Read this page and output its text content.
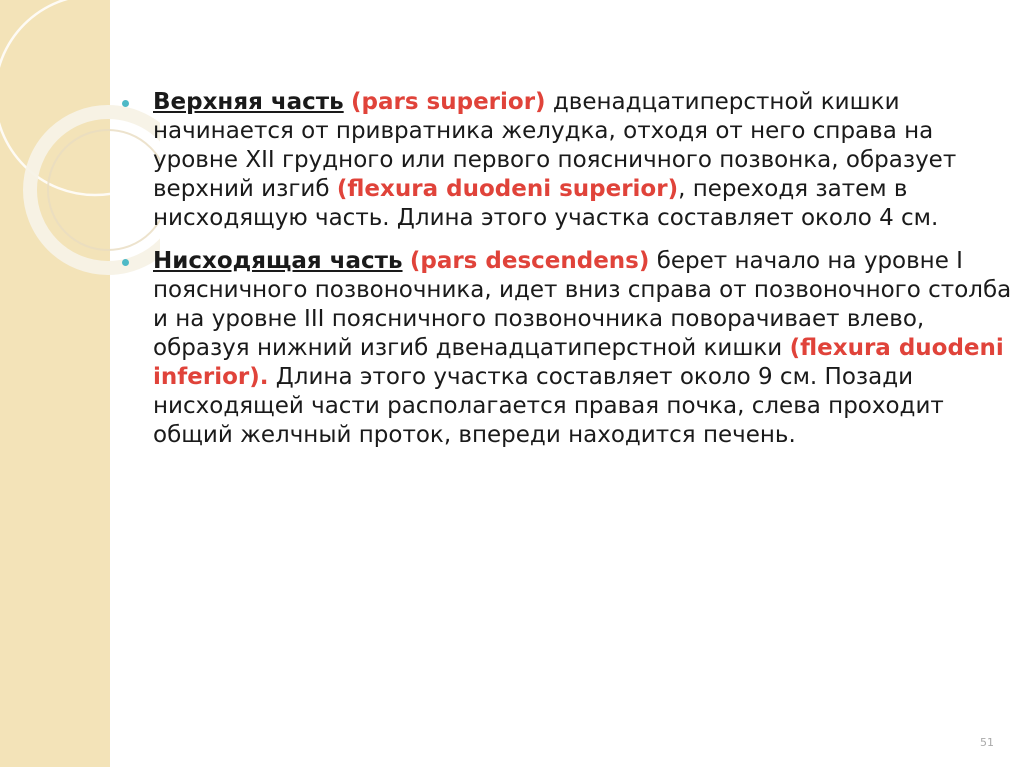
Верхняя часть (pars superior) двенадцатиперстной кишки начинается от привратника желудка, отходя от него справа на уровне XII грудного или первого поясничного позвонка, образует верхний изгиб (flexura duodeni superior), переходя затем в нисходящую часть. Длина этого участка составляет около 4 см.
Нисходящая часть (pars descendens) берет начало на уровне I поясничного позвоночника, идет вниз справа от позвоночного столба и на уровне III поясничного позвоночника поворачивает влево, образуя нижний изгиб двенадцатиперстной кишки (flexura duodeni inferior). Длина этого участка составляет около 9 см. Позади нисходящей части располагается правая почка, слева проходит общий желчный проток, впереди находится печень.
51
